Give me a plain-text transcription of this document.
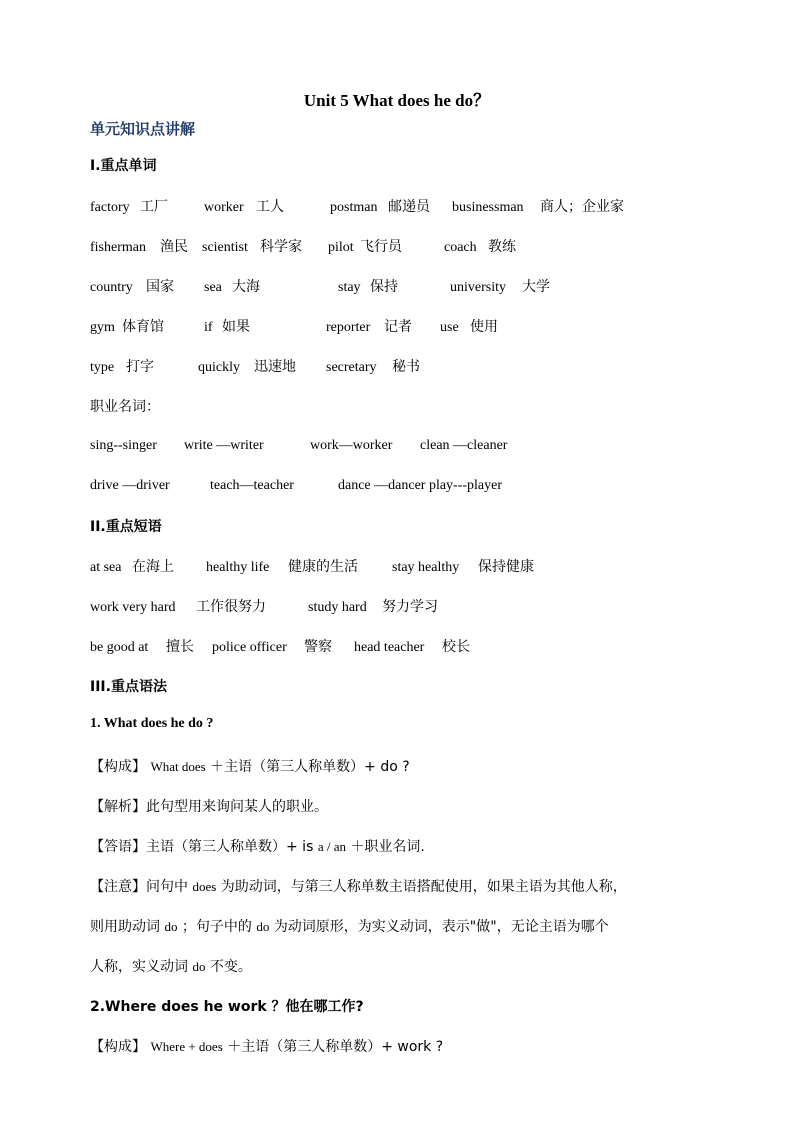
Unit 5 What does he do？
单元知识点讲解
I.重点单词
factory 工厂	worker 工人	postman 邮递员 businessman 商人；企业家
fisherman 渔民 scientist 科学家 pilot 飞行员	coach 教练
country 国家 sea 大海	stay 保持	university 大学
gym 体育馆	if 如果	reporter 记者 use 使用
type 打字	quickly 迅速地 secretary 秘书
职业名词：
sing--singer write —writer	work—worker clean —cleaner
drive —driver	teach—teacher	dance —dancer play---player
II.重点短语
at sea 在海上 healthy life 健康的生活 stay healthy 保持健康
work very hard 工作很努力	study hard 努力学习
be good at 擅长 police officer 警察 head teacher 校长
III.重点语法
1. What does he do ?
【构成】 What does ＋主语（第三人称单数）+ do ?
【解析】此句型用来询问某人的职业。
【答语】主语（第三人称单数）+ is a / an ＋职业名词.
【注意】问句中 does 为助动词，与第三人称单数主语搭配使用，如果主语为其他人称，
则用助动词 do ；句子中的 do 为动词原形，为实义动词，表示"做"，无论主语为哪个
人称，实义动词 do 不变。
2.Where does he work ？他在哪工作?
【构成】 Where + does ＋主语（第三人称单数）+ work ?
